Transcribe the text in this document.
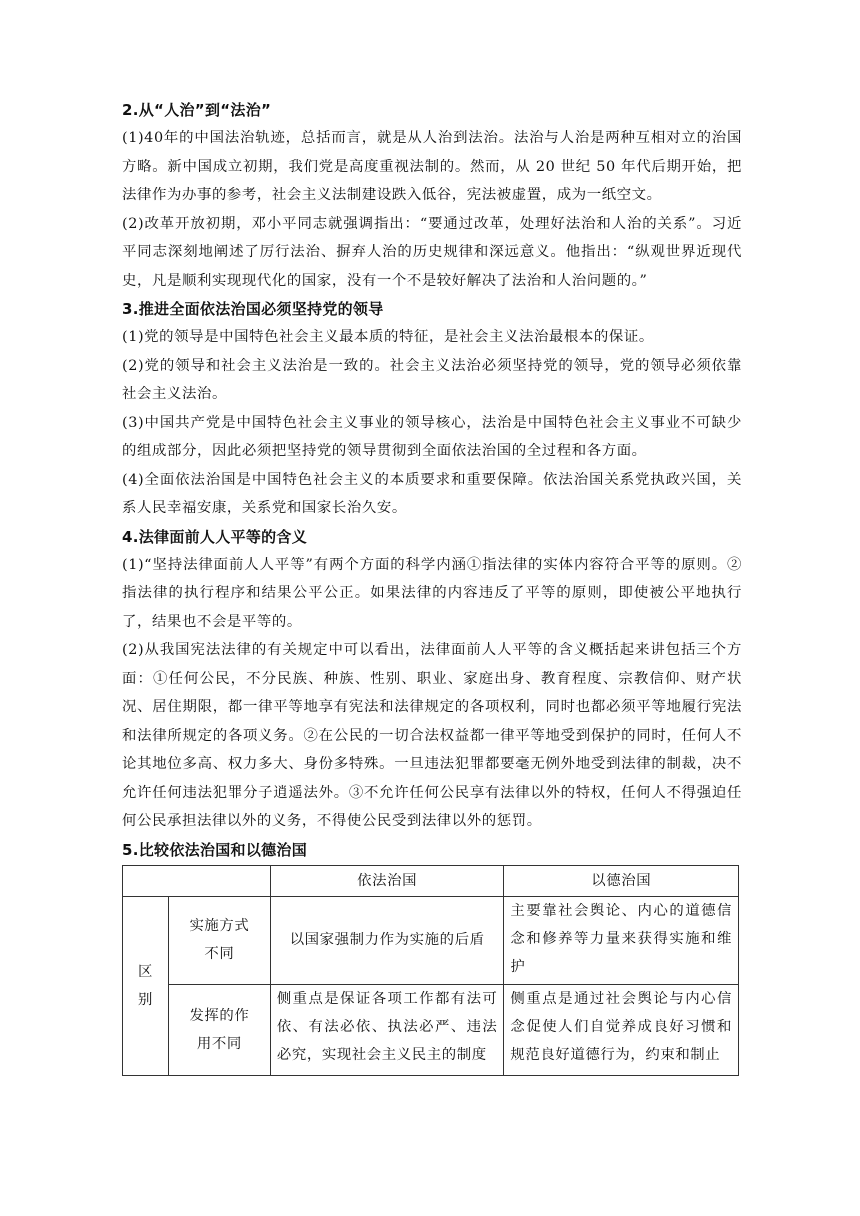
2.从“人治”到“法治”

(1)40年的中国法治轨迹，总括而言，就是从人治到法治。法治与人治是两种互相对立的治国方略。新中国成立初期，我们党是高度重视法制的。然而，从 20 世纪 50 年代后期开始，把法律作为办事的参考，社会主义法制建设跌入低谷，宪法被虚置，成为一纸空文。

(2)改革开放初期，邓小平同志就强调指出：“要通过改革，处理好法治和人治的关系”。习近平同志深刻地阐述了厉行法治、摒弃人治的历史规律和深远意义。他指出：“纵观世界近现代史，凡是顺利实现现代化的国家，没有一个不是较好解决了法治和人治问题的。”

3.推进全面依法治国必须坚持党的领导

(1)党的领导是中国特色社会主义最本质的特征，是社会主义法治最根本的保证。

(2)党的领导和社会主义法治是一致的。社会主义法治必须坚持党的领导，党的领导必须依靠社会主义法治。

(3)中国共产党是中国特色社会主义事业的领导核心，法治是中国特色社会主义事业不可缺少的组成部分，因此必须把坚持党的领导贯彻到全面依法治国的全过程和各方面。

(4)全面依法治国是中国特色社会主义的本质要求和重要保障。依法治国关系党执政兴国，关系人民幸福安康，关系党和国家长治久安。

4.法律面前人人平等的含义

(1)“坚持法律面前人人平等”有两个方面的科学内涵①指法律的实体内容符合平等的原则。②指法律的执行程序和结果公平公正。如果法律的内容违反了平等的原则，即使被公平地执行了，结果也不会是平等的。

(2)从我国宪法法律的有关规定中可以看出，法律面前人人平等的含义概括起来讲包括三个方面：①任何公民，不分民族、种族、性别、职业、家庭出身、教育程度、宗教信仰、财产状况、居住期限，都一律平等地享有宪法和法律规定的各项权利，同时也都必须平等地履行宪法和法律所规定的各项义务。②在公民的一切合法权益都一律平等地受到保护的同时，任何人不论其地位多高、权力多大、身份多特殊。一旦违法犯罪都要毫无例外地受到法律的制裁，决不允许任何违法犯罪分子逍遥法外。③不允许任何公民享有法律以外的特权，任何人不得强迫任何公民承担法律以外的义务，不得使公民受到法律以外的惩罚。

5.比较依法治国和以德治国
		依法治国	以德治国
区别	实施方式不同	以国家强制力作为实施的后盾	主要靠社会舆论、内心的道德信念和修养等力量来获得实施和维护
	发挥的作用不同	侧重点是保证各项工作都有法可依、有法必依、执法必严、违法必究，实现社会主义民主的制度	侧重点是通过社会舆论与内心信念促使人们自觉养成良好习惯和规范良好道德行为，约束和制止
